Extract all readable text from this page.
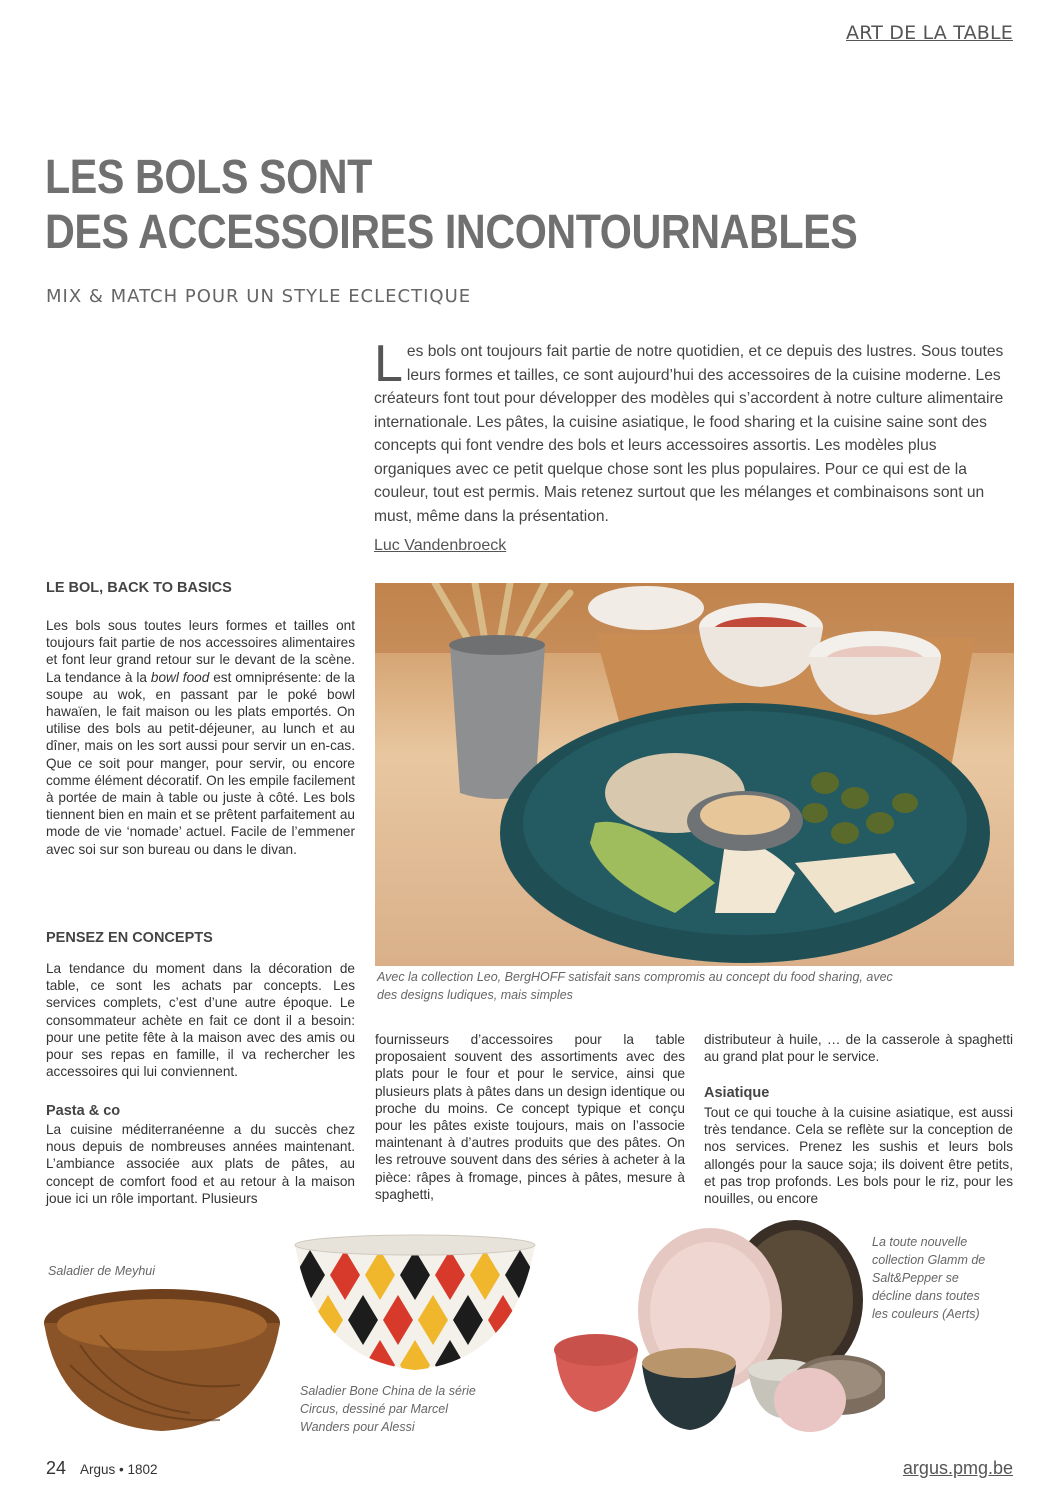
ART DE LA TABLE
LES BOLS SONT
DES ACCESSOIRES INCONTOURNABLES
MIX & MATCH POUR UN STYLE ECLECTIQUE
Les bols ont toujours fait partie de notre quotidien, et ce depuis des lustres. Sous toutes leurs formes et tailles, ce sont aujourd’hui des accessoires de la cuisine moderne. Les créateurs font tout pour développer des modèles qui s’accordent à notre culture alimentaire internationale. Les pâtes, la cuisine asiatique, le food sharing et la cuisine saine sont des concepts qui font vendre des bols et leurs accessoires assortis. Les modèles plus organiques avec ce petit quelque chose sont les plus populaires. Pour ce qui est de la couleur, tout est permis. Mais retenez surtout que les mélanges et combinaisons sont un must, même dans la présentation.
Luc Vandenbroeck
LE BOL, BACK TO BASICS
Les bols sous toutes leurs formes et tailles ont toujours fait partie de nos accessoires alimentaires et font leur grand retour sur le devant de la scène. La tendance à la bowl food est omniprésente: de la soupe au wok, en passant par le poké bowl hawaïen, le fait maison ou les plats emportés. On utilise des bols au petit-déjeuner, au lunch et au dîner, mais on les sort aussi pour servir un en-cas. Que ce soit pour manger, pour servir, ou encore comme élément décoratif. On les empile facilement à portée de main à table ou juste à côté. Les bols tiennent bien en main et se prêtent parfaitement au mode de vie ‘nomade’ actuel. Facile de l’emmener avec soi sur son bureau ou dans le divan.
PENSEZ EN CONCEPTS
La tendance du moment dans la décoration de table, ce sont les achats par concepts. Les services complets, c’est d’une autre époque. Le consommateur achète en fait ce dont il a besoin: pour une petite fête à la maison avec des amis ou pour ses repas en famille, il va rechercher les accessoires qui lui conviennent.
Pasta & co
La cuisine méditerranéenne a du succès chez nous depuis de nombreuses années maintenant. L’ambiance associée aux plats de pâtes, au concept de comfort food et au retour à la maison joue ici un rôle important. Plusieurs
Avec la collection Leo, BergHOFF satisfait sans compromis au concept du food sharing, avec des designs ludiques, mais simples
fournisseurs d’accessoires pour la table proposaient souvent des assortiments avec des plats pour le four et pour le service, ainsi que plusieurs plats à pâtes dans un design identique ou proche du moins. Ce concept typique et conçu pour les pâtes existe toujours, mais on l’associe maintenant à d’autres produits que des pâtes. On les retrouve souvent dans des séries à acheter à la pièce: râpes à fromage, pinces à pâtes, mesure à spaghetti,
distributeur à huile, … de la casserole à spaghetti au grand plat pour le service.
Asiatique
Tout ce qui touche à la cuisine asiatique, est aussi très tendance. Cela se reflète sur la conception de nos services. Prenez les sushis et leurs bols allongés pour la sauce soja; ils doivent être petits, et pas trop profonds. Les bols pour le riz, pour les nouilles, ou encore
Saladier de Meyhui
Saladier Bone China de la série Circus, dessiné par Marcel Wanders pour Alessi
La toute nouvelle collection Glamm de Salt&Pepper se décline dans toutes les couleurs (Aerts)
24 Argus • 1802	argus.pmg.be
